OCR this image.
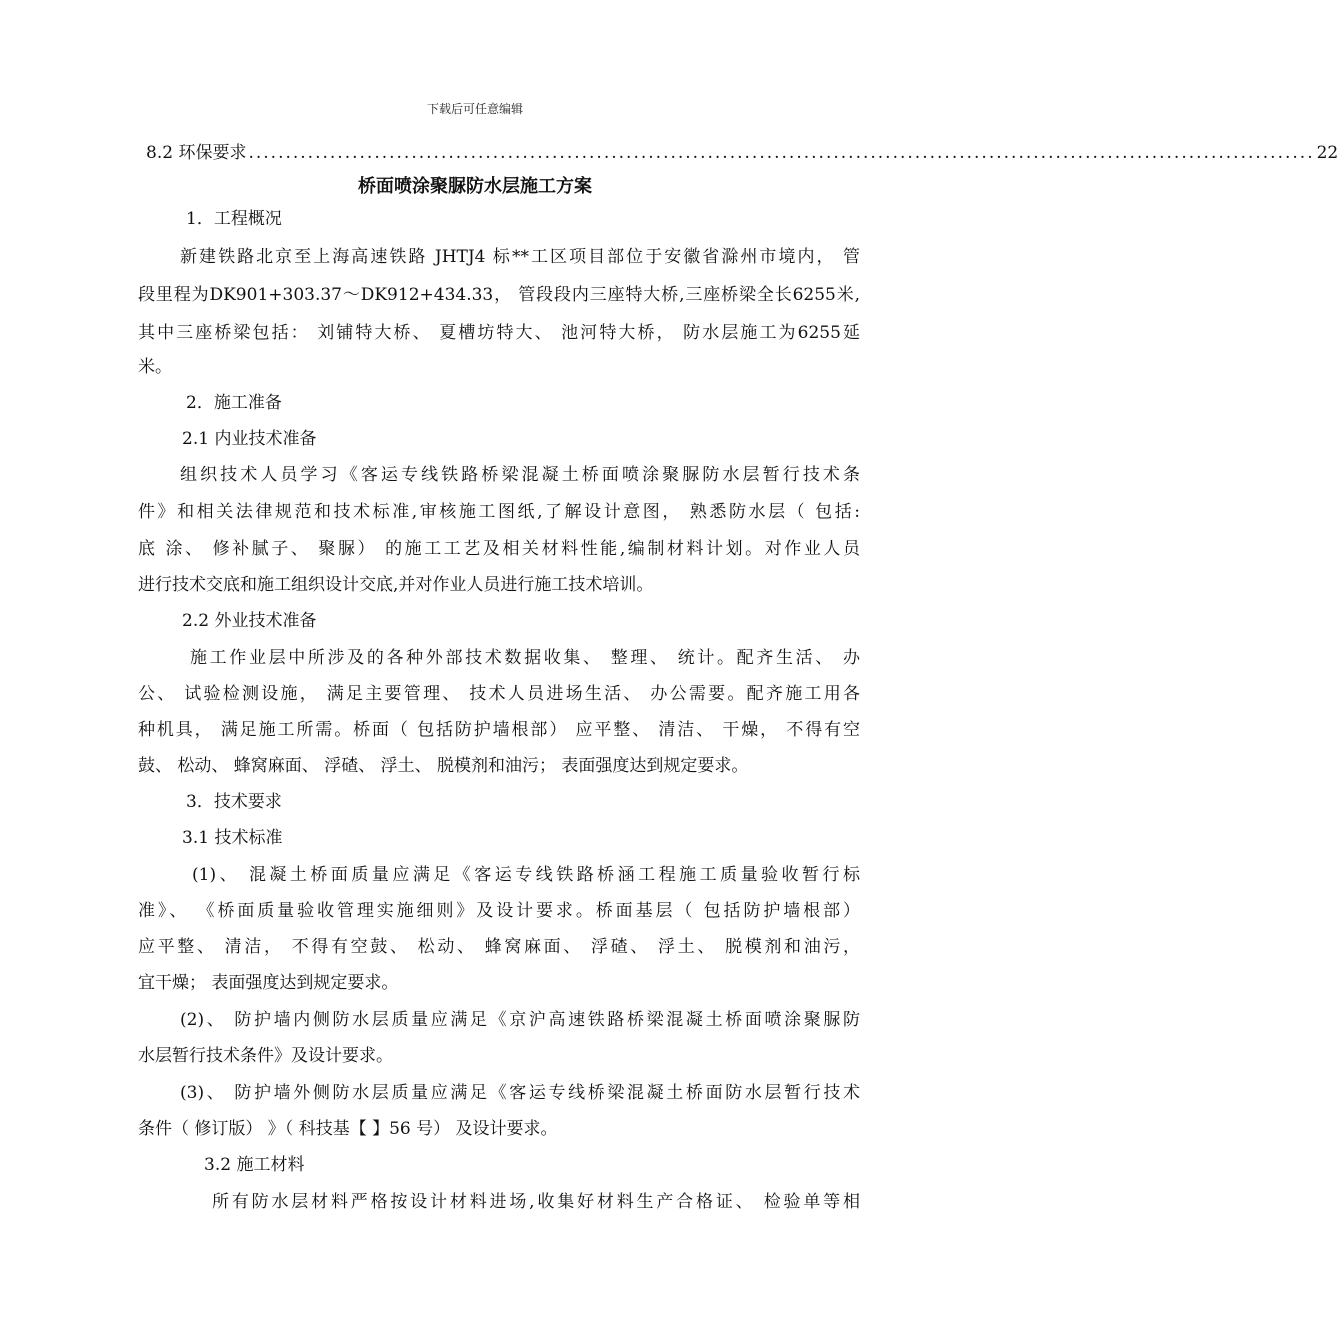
下载后可任意编辑
8.2 环保要求 ................................................................................................................................................ 22
桥面喷涂聚脲防水层施工方案
1．工程概况
新建铁路北京至上海高速铁路 JHTJ4 标**工区项目部位于安徽省滁州市境内， 管
段里程为DK901+303.37～DK912+434.33， 管段段内三座特大桥,三座桥梁全长6255米,
其中三座桥梁包括： 刘铺特大桥、 夏槽坊特大、 池河特大桥， 防水层施工为6255延
米。
2．施工准备
2.1 内业技术准备
组织技术人员学习《客运专线铁路桥梁混凝土桥面喷涂聚脲防水层暂行技术条
件》和相关法律规范和技术标准,审核施工图纸,了解设计意图， 熟悉防水层（ 包括:
底 涂、 修补腻子、 聚脲） 的施工工艺及相关材料性能,编制材料计划。对作业人员
进行技术交底和施工组织设计交底,并对作业人员进行施工技术培训。
2.2 外业技术准备
施工作业层中所涉及的各种外部技术数据收集、 整理、 统计。配齐生活、 办
公、 试验检测设施， 满足主要管理、 技术人员进场生活、 办公需要。配齐施工用各
种机具， 满足施工所需。桥面（ 包括防护墙根部） 应平整、 清洁、 干燥， 不得有空
鼓、 松动、 蜂窝麻面、 浮碴、 浮土、 脱模剂和油污； 表面强度达到规定要求。
3．技术要求
3.1 技术标准
(1)、 混凝土桥面质量应满足《客运专线铁路桥涵工程施工质量验收暂行标
准》、 《桥面质量验收管理实施细则》及设计要求。桥面基层（ 包括防护墙根部）
应平整、 清洁， 不得有空鼓、 松动、 蜂窝麻面、 浮碴、 浮土、 脱模剂和油污，
宜干燥； 表面强度达到规定要求。
(2)、 防护墙内侧防水层质量应满足《京沪高速铁路桥梁混凝土桥面喷涂聚脲防
水层暂行技术条件》及设计要求。
(3)、 防护墙外侧防水层质量应满足《客运专线桥梁混凝土桥面防水层暂行技术
条件（ 修订版） 》（ 科技基【 】56 号） 及设计要求。
3.2 施工材料
所有防水层材料严格按设计材料进场,收集好材料生产合格证、 检验单等相
